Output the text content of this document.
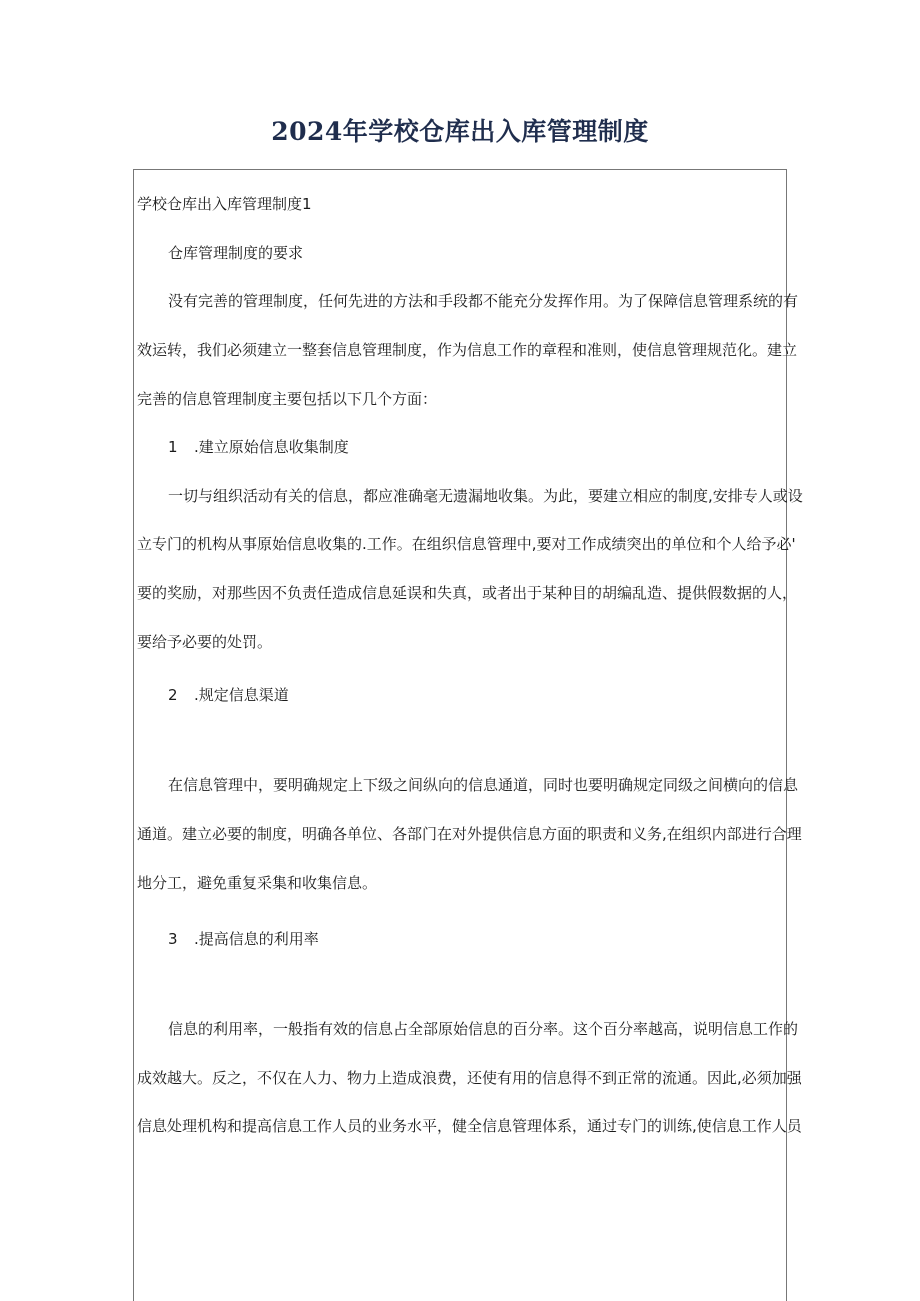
2024年学校仓库出入库管理制度

学校仓库出入库管理制度1

仓库管理制度的要求

没有完善的管理制度，任何先进的方法和手段都不能充分发挥作用。为了保障信息管理系统的有

效运转，我们必须建立一整套信息管理制度，作为信息工作的章程和准则，使信息管理规范化。建立

完善的信息管理制度主要包括以下几个方面：

1 .建立原始信息收集制度

一切与组织活动有关的信息，都应准确毫无遗漏地收集。为此，要建立相应的制度,安排专人或设

立专门的机构从事原始信息收集的.工作。在组织信息管理中,要对工作成绩突出的单位和个人给予必'

要的奖励，对那些因不负责任造成信息延误和失真，或者出于某种目的胡编乱造、提供假数据的人，

要给予必要的处罚。

2 .规定信息渠道

在信息管理中，要明确规定上下级之间纵向的信息通道，同时也要明确规定同级之间横向的信息

通道。建立必要的制度，明确各单位、各部门在对外提供信息方面的职责和义务,在组织内部进行合理

地分工，避免重复采集和收集信息。

3 .提高信息的利用率

信息的利用率，一般指有效的信息占全部原始信息的百分率。这个百分率越高，说明信息工作的

成效越大。反之，不仅在人力、物力上造成浪费，还使有用的信息得不到正常的流通。因此,必须加强

信息处理机构和提高信息工作人员的业务水平，健全信息管理体系，通过专门的训练,使信息工作人员
